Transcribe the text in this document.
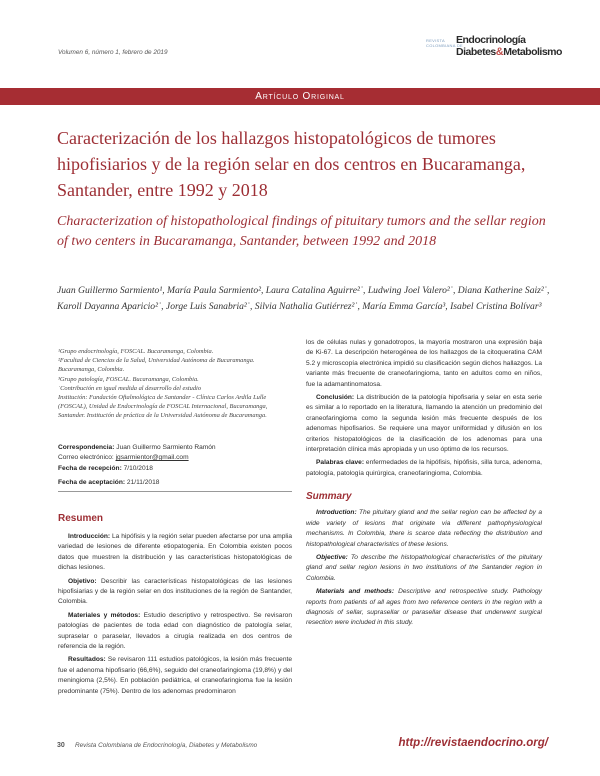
Volumen 6, número 1, febrero de 2019
REVISTA
COLOMBIANA DE
Endocrinología
Diabetes&Metabolismo
Artículo Original
Caracterización de los hallazgos histopatológicos de tumores hipofisiarios y de la región selar en dos centros en Bucaramanga, Santander, entre 1992 y 2018
Characterization of histopathological findings of pituitary tumors and the sellar region of two centers in Bucaramanga, Santander, between 1992 and 2018
Juan Guillermo Sarmiento¹, María Paula Sarmiento², Laura Catalina Aguirre²˙, Ludwing Joel Valero²˙, Diana Katherine Saiz²˙, Karoll Dayanna Aparicio²˙, Jorge Luis Sanabria²˙, Silvia Nathalia Gutiérrez²˙, María Emma García³, Isabel Cristina Bolívar³
¹Grupo endocrinología, FOSCAL. Bucaramanga, Colombia.
²Facultad de Ciencias de la Salud, Universidad Autónoma de Bucaramanga. Bucaramanga, Colombia.
³Grupo patología, FOSCAL. Bucaramanga, Colombia.
˙Contribución en igual medida al desarrollo del estudio
Institución: Fundación Oftalmológica de Santander - Clínica Carlos Ardila Lulle (FOSCAL), Unidad de Endocrinología de FOSCAL Internacional, Bucaramanga, Santander. Institución de práctica de la Universidad Autónoma de Bucaramanga.
Correspondencia: Juan Guillermo Sarmiento Ramón
Correo electrónico: jgsarmientor@gmail.com
Fecha de recepción: 7/10/2018
Fecha de aceptación: 21/11/2018
Resumen

Introducción: La hipófisis y la región selar pueden afectarse por una amplia variedad de lesiones de diferente etiopatogenia. En Colombia existen pocos datos que muestren la distribución y las características histopatológicas de dichas lesiones.

Objetivo: Describir las características histopatológicas de las lesiones hipofisiarias y de la región selar en dos instituciones de la región de Santander, Colombia.

Materiales y métodos: Estudio descriptivo y retrospectivo. Se revisaron patologías de pacientes de toda edad con diagnóstico de patología selar, supraselar o paraselar, llevados a cirugía realizada en dos centros de referencia de la región.

Resultados: Se revisaron 111 estudios patológicos, la lesión más frecuente fue el adenoma hipofisario (66,6%), seguido del craneofaringioma (19,8%) y del meningioma (2,5%). En población pediátrica, el craneofaringioma fue la lesión predominante (75%). Dentro de los adenomas predominaron

los de células nulas y gonadotropos, la mayoría mostraron una expresión baja de Ki-67. La descripción heterogénea de los hallazgos de la citoqueratina CAM 5.2 y microscopía electrónica impidió su clasificación según dichos hallazgos. La variante más frecuente de craneofaringioma, tanto en adultos como en niños, fue la adamantinomatosa.

Conclusión: La distribución de la patología hipofisaria y selar en esta serie es similar a lo reportado en la literatura, llamando la atención un predominio del craneofaringioma como la segunda lesión más frecuente después de los adenomas hipofisarios. Se requiere una mayor uniformidad y difusión en los criterios histopatológicos de la clasificación de los adenomas para una interpretación clínica más apropiada y un uso óptimo de los recursos.

Palabras clave: enfermedades de la hipófisis, hipófisis, silla turca, adenoma, patología, patología quirúrgica, craneofaringioma, Colombia.

Summary

Introduction: The pituitary gland and the sellar region can be affected by a wide variety of lesions that originate via different pathophysiological mechanisms. In Colombia, there is scarce data reflecting the distribution and histopathological characteristics of these lesions.

Objective: To describe the histopathological characteristics of the pituitary gland and sellar region lesions in two institutions of the Santander region in Colombia.

Materials and methods: Descriptive and retrospective study. Pathology reports from patients of all ages from two reference centers in the region with a diagnosis of sellar, suprasellar or parasellar disease that underwent surgical resection were included in this study.

30 Revista Colombiana de Endocrinología, Diabetes y Metabolismo	http://revistaendocrino.org/
